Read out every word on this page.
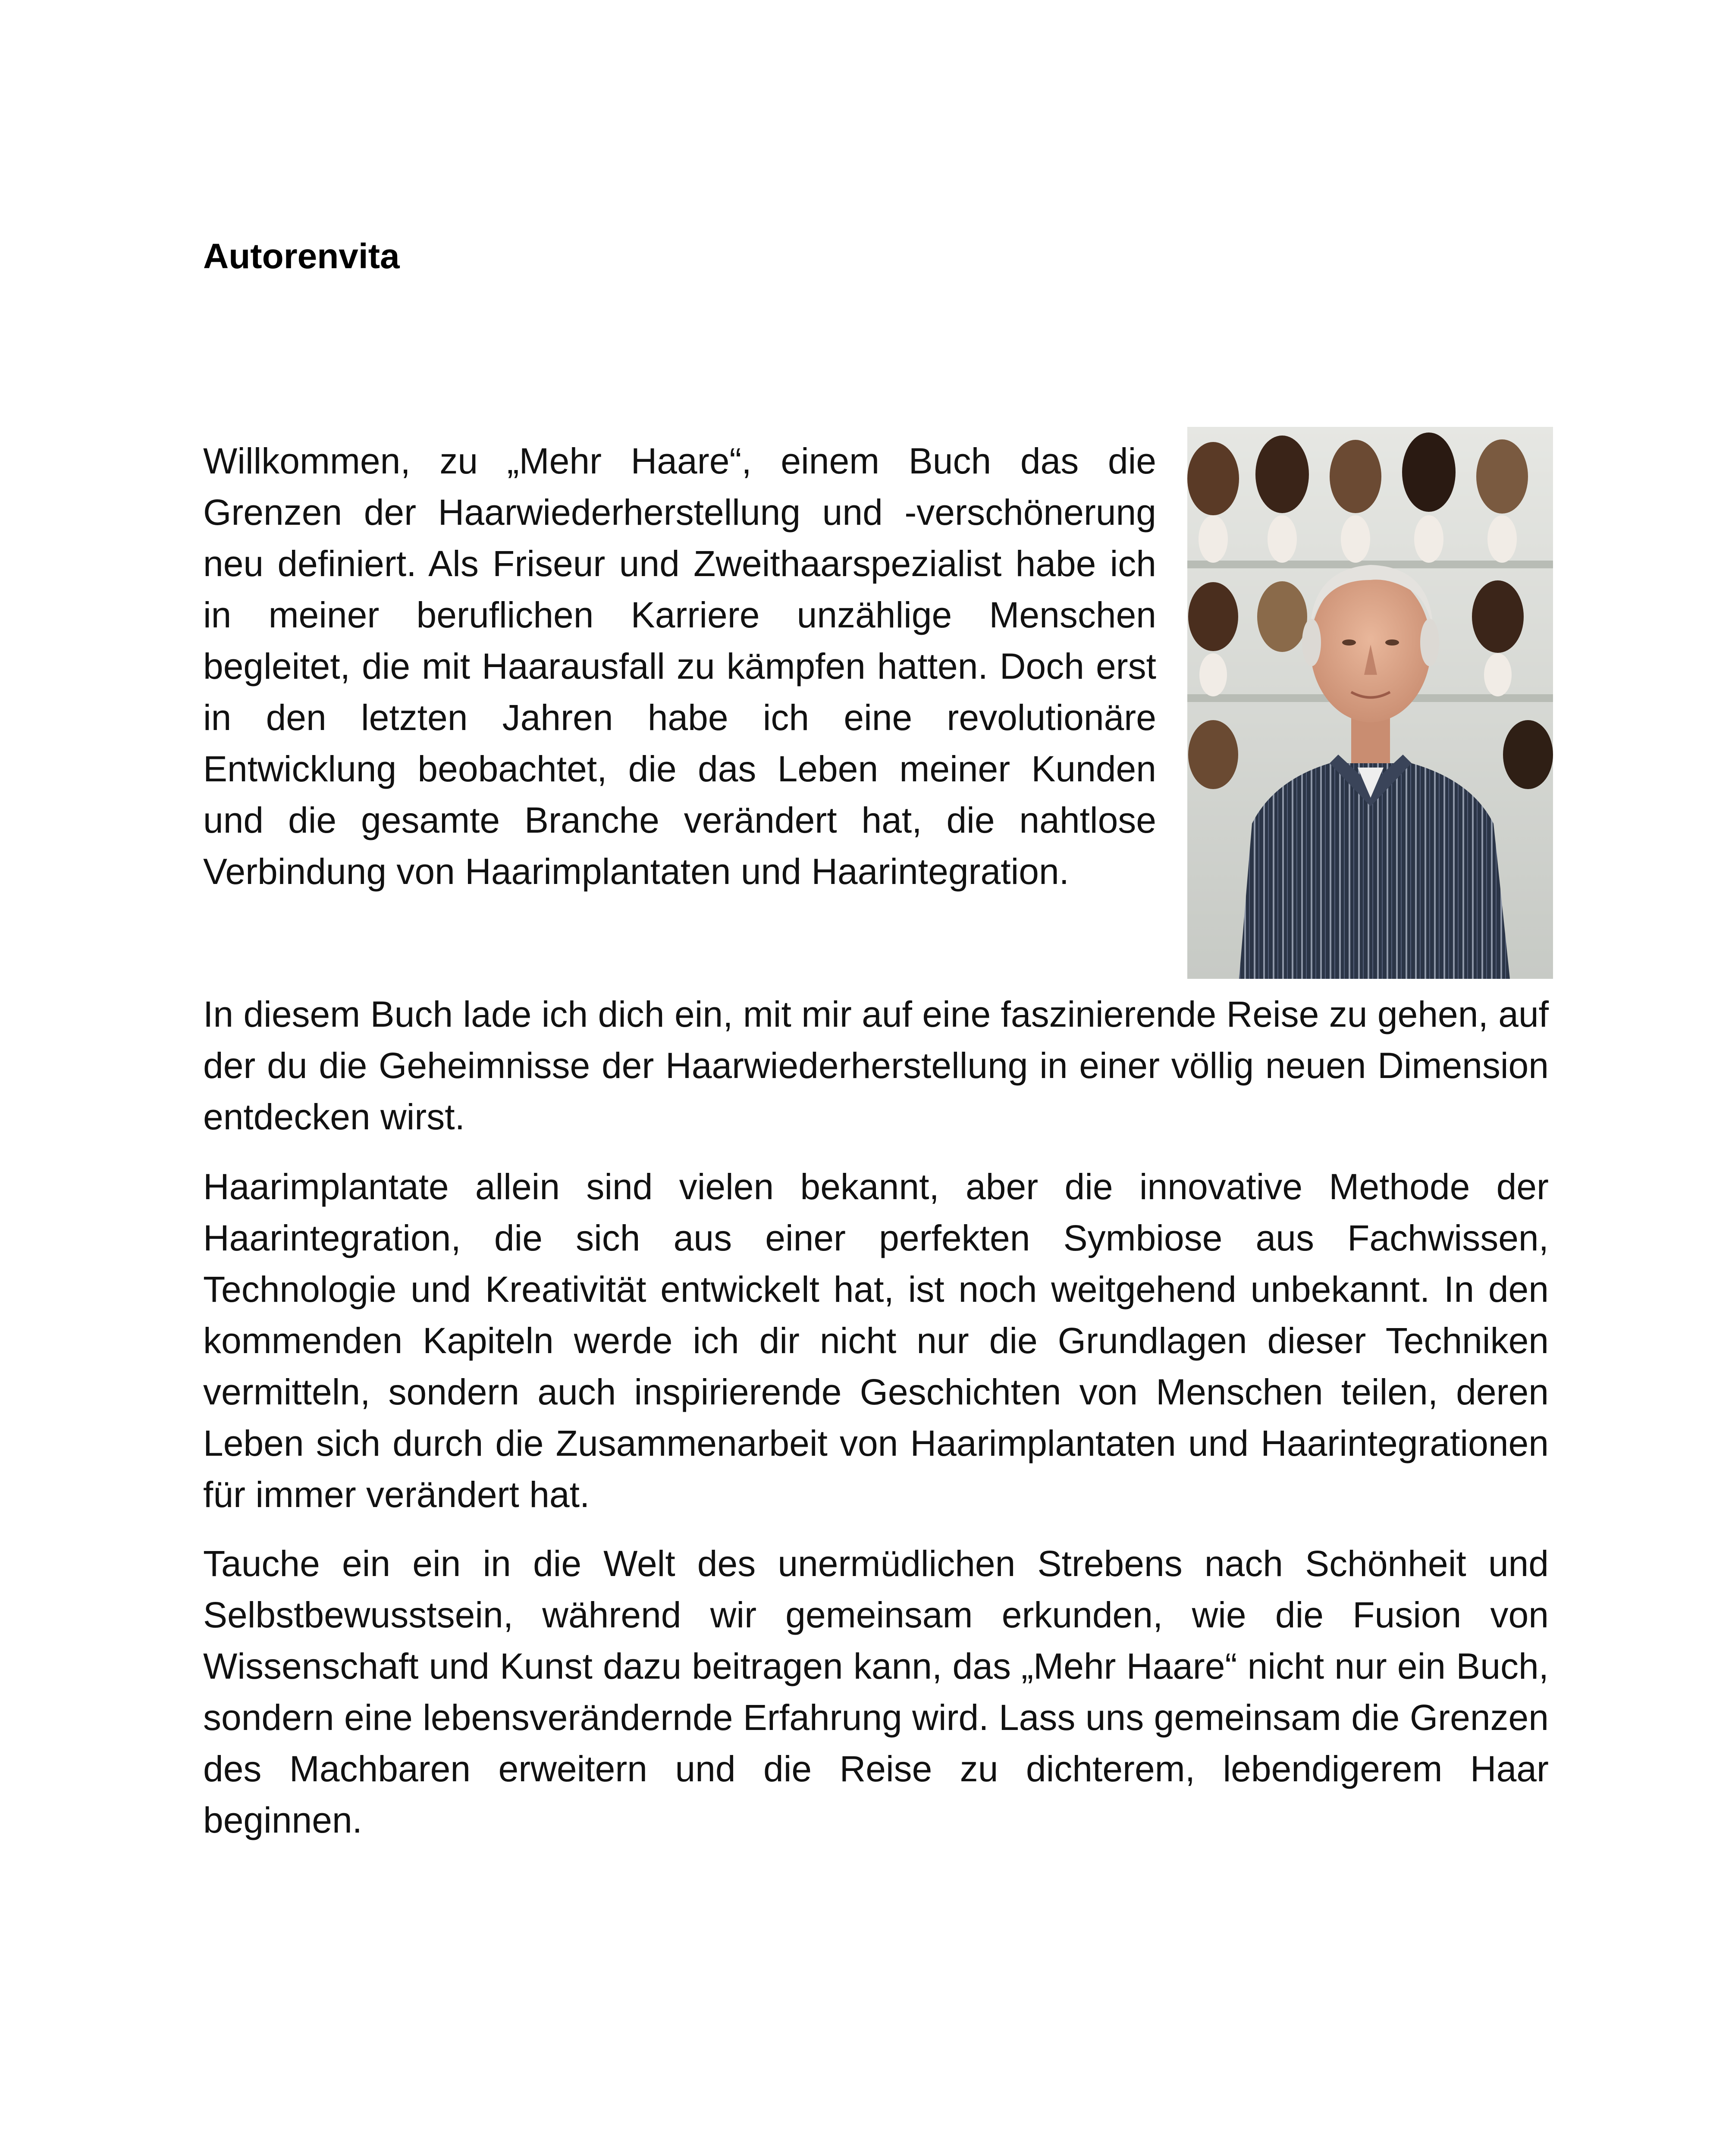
Autorenvita

Willkommen, zu „Mehr Haare“, einem Buch das die Grenzen der Haarwiederherstellung und -verschönerung neu definiert. Als Friseur und Zweithaarspezialist habe ich in meiner beruflichen Karriere unzählige Menschen begleitet, die mit Haarausfall zu kämpfen hatten. Doch erst in den letzten Jahren habe ich eine revolutionäre Entwicklung beobachtet, die das Leben meiner Kunden und die gesamte Branche verändert hat, die nahtlose Verbindung von Haarimplantaten und Haarintegration.

In diesem Buch lade ich dich ein, mit mir auf eine faszinierende Reise zu gehen, auf der du die Geheimnisse der Haarwiederherstellung in einer völlig neuen Dimension entdecken wirst.

Haarimplantate allein sind vielen bekannt, aber die innovative Methode der Haarintegration, die sich aus einer perfekten Symbiose aus Fachwissen, Technologie und Kreativität entwickelt hat, ist noch weitgehend unbekannt. In den kommenden Kapiteln werde ich dir nicht nur die Grundlagen dieser Techniken vermitteln, sondern auch inspirierende Geschichten von Menschen teilen, deren Leben sich durch die Zusammenarbeit von Haarimplantaten und Haarintegrationen für immer verändert hat.

Tauche ein ein in die Welt des unermüdlichen Strebens nach Schönheit und Selbstbewusstsein, während wir gemeinsam erkunden, wie die Fusion von Wissenschaft und Kunst dazu beitragen kann, das „Mehr Haare“ nicht nur ein Buch, sondern eine lebensverändernde Erfahrung wird. Lass uns gemeinsam die Grenzen des Machbaren erweitern und die Reise zu dichterem, lebendigerem Haar beginnen.
